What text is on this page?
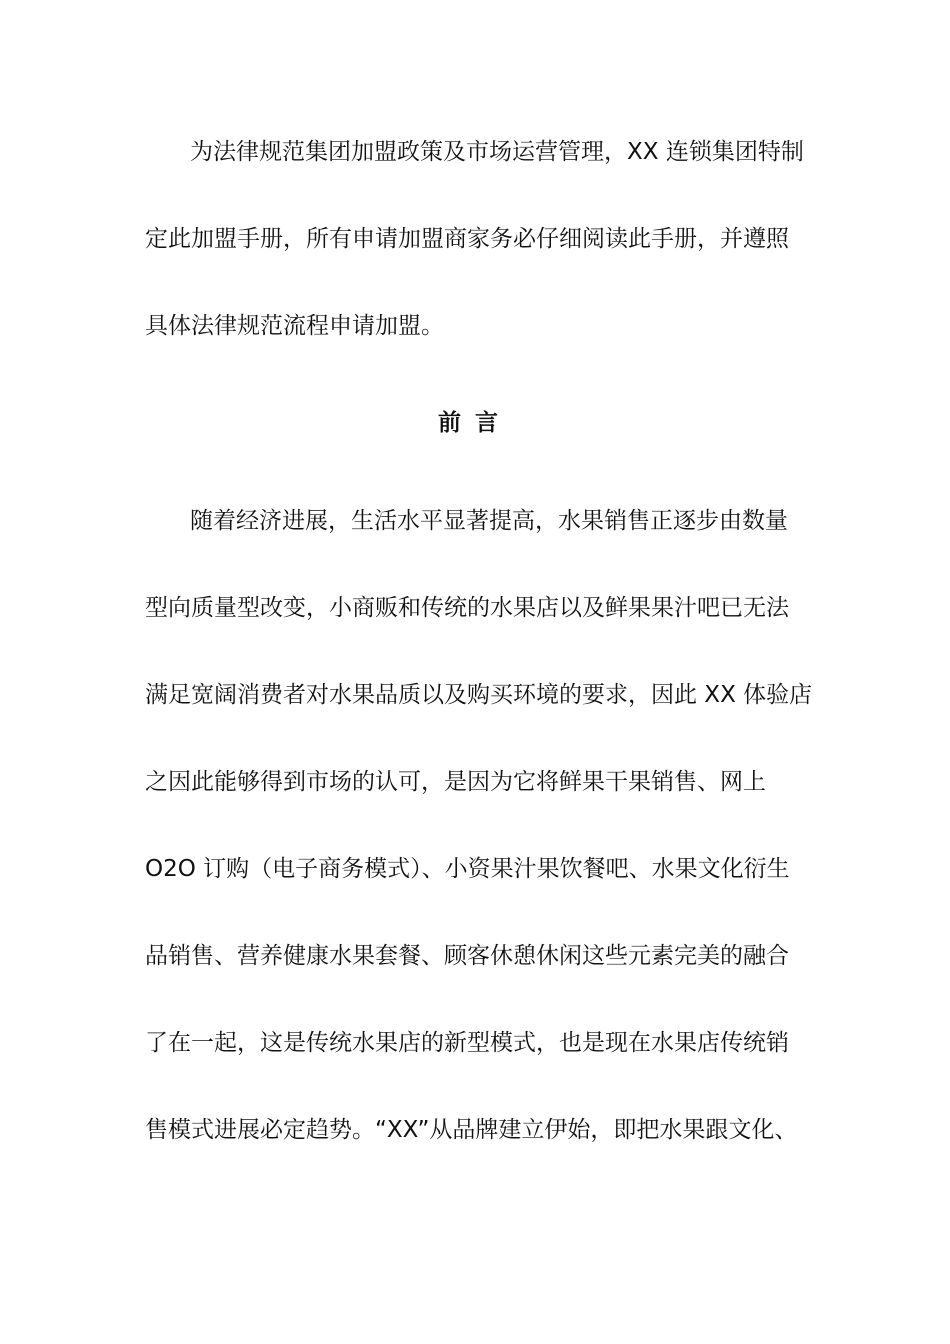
为法律规范集团加盟政策及市场运营管理，XX 连锁集团特制
定此加盟手册，所有申请加盟商家务必仔细阅读此手册，并遵照
具体法律规范流程申请加盟。
前言
随着经济进展，生活水平显著提高，水果销售正逐步由数量
型向质量型改变，小商贩和传统的水果店以及鲜果果汁吧已无法
满足宽阔消费者对水果品质以及购买环境的要求，因此 XX 体验店
之因此能够得到市场的认可，是因为它将鲜果干果销售、网上
O2O 订购（电子商务模式）、小资果汁果饮餐吧、水果文化衍生
品销售、营养健康水果套餐、顾客休憩休闲这些元素完美的融合
了在一起，这是传统水果店的新型模式，也是现在水果店传统销
售模式进展必定趋势。“XX”从品牌建立伊始，即把水果跟文化、
